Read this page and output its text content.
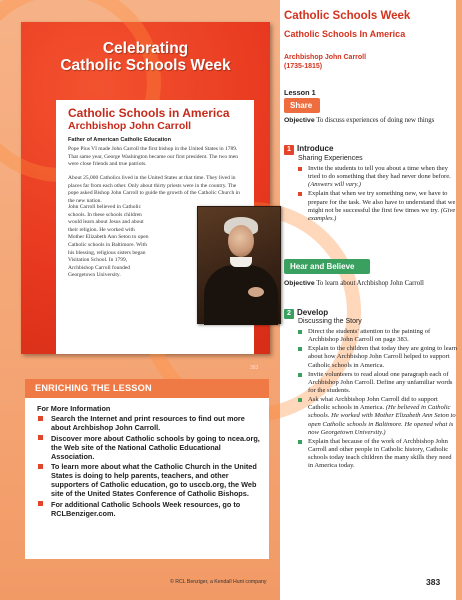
Celebrating
Catholic Schools Week
Catholic Schools in America
Archbishop John Carroll
Father of American Catholic Education
Pope Pius VI made John Carroll the first bishop in the United States in 1789. That same year, George Washington became our first president. The two men were close friends and true patriots.
About 25,000 Catholics lived in the United States at that time. They lived in places far from each other. Only about thirty priests were in the country. The pope asked Bishop John Carroll to guide the growth of the Catholic Church in the new nation.
John Carroll believed in Catholic schools. In these schools children would learn about Jesus and about their religion. He worked with Mother Elizabeth Ann Seton to open Catholic schools in Baltimore. With his blessing, religious sisters began Visitation School. In 1799, Archbishop Carroll founded Georgetown University.
383
ENRICHING THE LESSON
For More Information
Search the Internet and print resources to find out more about Archbishop John Carroll.
Discover more about Catholic schools by going to ncea.org, the Web site of the National Catholic Educational Association.
To learn more about what the Catholic Church in the United States is doing to help parents, teachers, and other supporters of Catholic education, go to usccb.org, the Web site of the United States Conference of Catholic Bishops.
For additional Catholic Schools Week resources, go to RCLBenziger.com.
Catholic Schools Week
Catholic Schools In America
Archbishop John Carroll
(1735-1815)
Lesson 1
Share
Objective To discuss experiences of doing new things
1 Introduce
Sharing Experiences
Invite the students to tell you about a time when they tried to do something that they had never done before. (Answers will vary.)
Explain that when we try something new, we have to prepare for the task. We also have to understand that we might not be successful the first few times we try. (Give examples.)
Hear and Believe
Objective To learn about Archbishop John Carroll
2 Develop
Discussing the Story
Direct the students' attention to the painting of Archbishop John Carroll on page 383.
Explain to the children that today they are going to learn about how Archbishop John Carroll helped to support Catholic schools in America.
Invite volunteers to read aloud one paragraph each of Archbishop John Carroll. Define any unfamiliar words for the students.
Ask what Archbishop John Carroll did to support Catholic schools in America. (He believed in Catholic schools. He worked with Mother Elizabeth Ann Seton to open Catholic schools in Baltimore. He opened what is now Georgetown University.)
Explain that because of the work of Archbishop John Carroll and other people in Catholic history, Catholic schools today teach children the many skills they need in America today.
© RCL Benziger, a Kendall Hunt company	383
